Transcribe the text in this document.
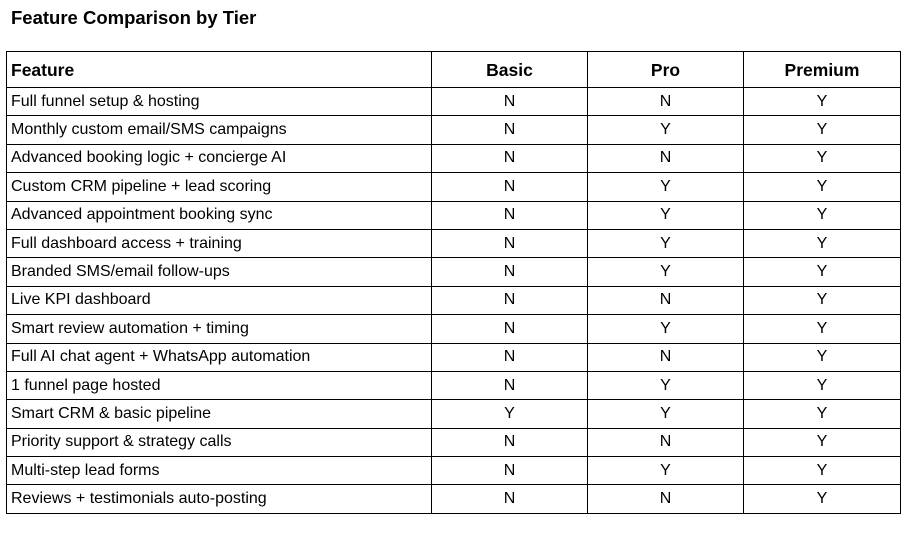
Feature Comparison by Tier
Feature	Basic	Pro	Premium
Full funnel setup & hosting	N	N	Y
Monthly custom email/SMS campaigns	N	Y	Y
Advanced booking logic + concierge AI	N	N	Y
Custom CRM pipeline + lead scoring	N	Y	Y
Advanced appointment booking sync	N	Y	Y
Full dashboard access + training	N	Y	Y
Branded SMS/email follow-ups	N	Y	Y
Live KPI dashboard	N	N	Y
Smart review automation + timing	N	Y	Y
Full AI chat agent + WhatsApp automation	N	N	Y
1 funnel page hosted	N	Y	Y
Smart CRM & basic pipeline	Y	Y	Y
Priority support & strategy calls	N	N	Y
Multi-step lead forms	N	Y	Y
Reviews + testimonials auto-posting	N	N	Y
